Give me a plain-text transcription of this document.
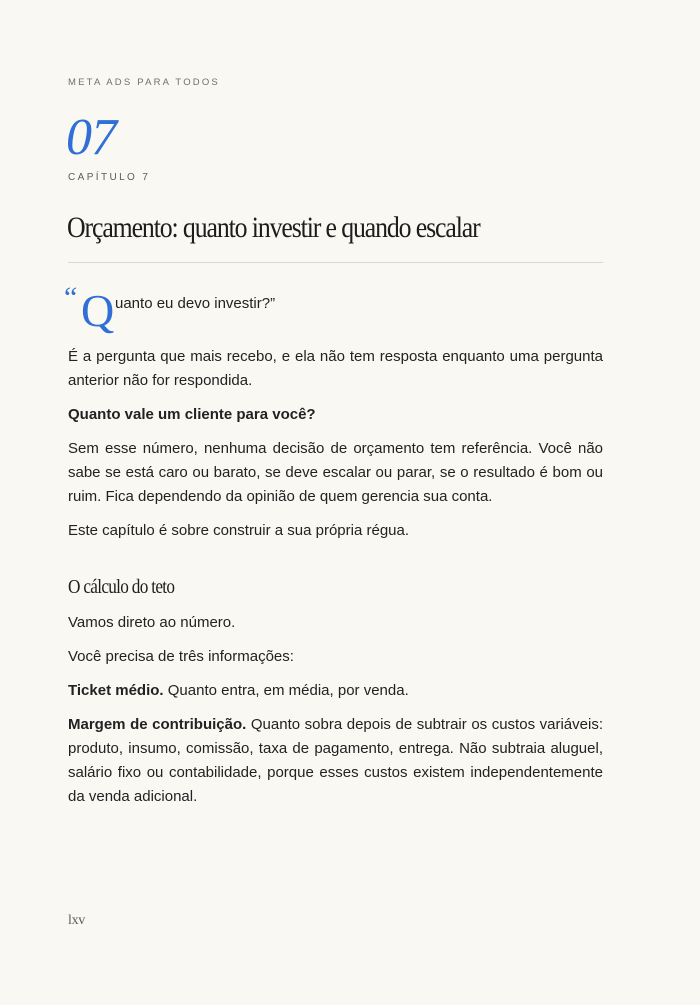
META ADS PARA TODOS
07
CAPÍTULO 7
Orçamento: quanto investir e quando escalar
“ Q uanto eu devo investir?”

É a pergunta que mais recebo, e ela não tem resposta enquanto uma pergunta anterior não for respondida.

Quanto vale um cliente para você?

Sem esse número, nenhuma decisão de orçamento tem referência. Você não sabe se está caro ou barato, se deve escalar ou parar, se o resultado é bom ou ruim. Fica dependendo da opinião de quem gerencia sua conta.

Este capítulo é sobre construir a sua própria régua.

O cálculo do teto

Vamos direto ao número.

Você precisa de três informações:

Ticket médio. Quanto entra, em média, por venda.

Margem de contribuição. Quanto sobra depois de subtrair os custos variáveis: produto, insumo, comissão, taxa de pagamento, entrega. Não subtraia aluguel, salário fixo ou contabilidade, porque esses custos existem independentemente da venda adicional.

lxv
